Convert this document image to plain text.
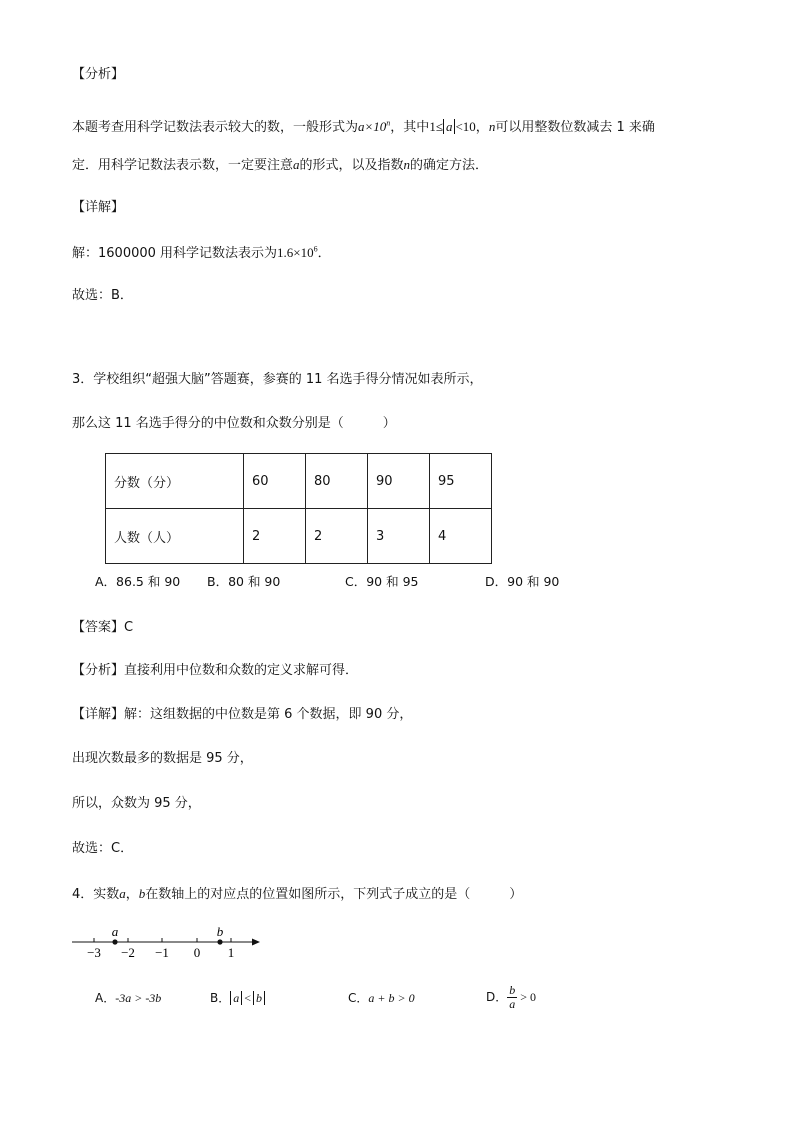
【分析】
本题考查用科学记数法表示较大的数，一般形式为$a\times 10^n$，其中1≤ a <10，n可以用整数位数减去 1 来确
定．用科学记数法表示数，一定要注意a的形式，以及指数n的确定方法．
【详解】
解：1600000 用科学记数法表示为$1.6\times 10^6$．
故选：B．
3．学校组织“超强大脑”答题赛，参赛的 11 名选手得分情况如表所示，
那么这 11 名选手得分的中位数和众数分别是（　　　）
分数（分）	60	80	90	95
人数（人）	2	2	3	4
A．86.5 和 90 B．80 和 90	C．90 和 95	D．90 和 90
【答案】C
【分析】直接利用中位数和众数的定义求解可得．
【详解】解：这组数据的中位数是第 6 个数据，即 90 分，
出现次数最多的数据是 95 分，
所以，众数为 95 分，
故选：C．
4．实数a，b在数轴上的对应点的位置如图所示，下列式子成立的是（　　　）
a	b
−3 −2 −1 0 1
A．-3a > -3b	B． a < b	C．a + b > 0	D． $\frac{b}{a} > 0$
